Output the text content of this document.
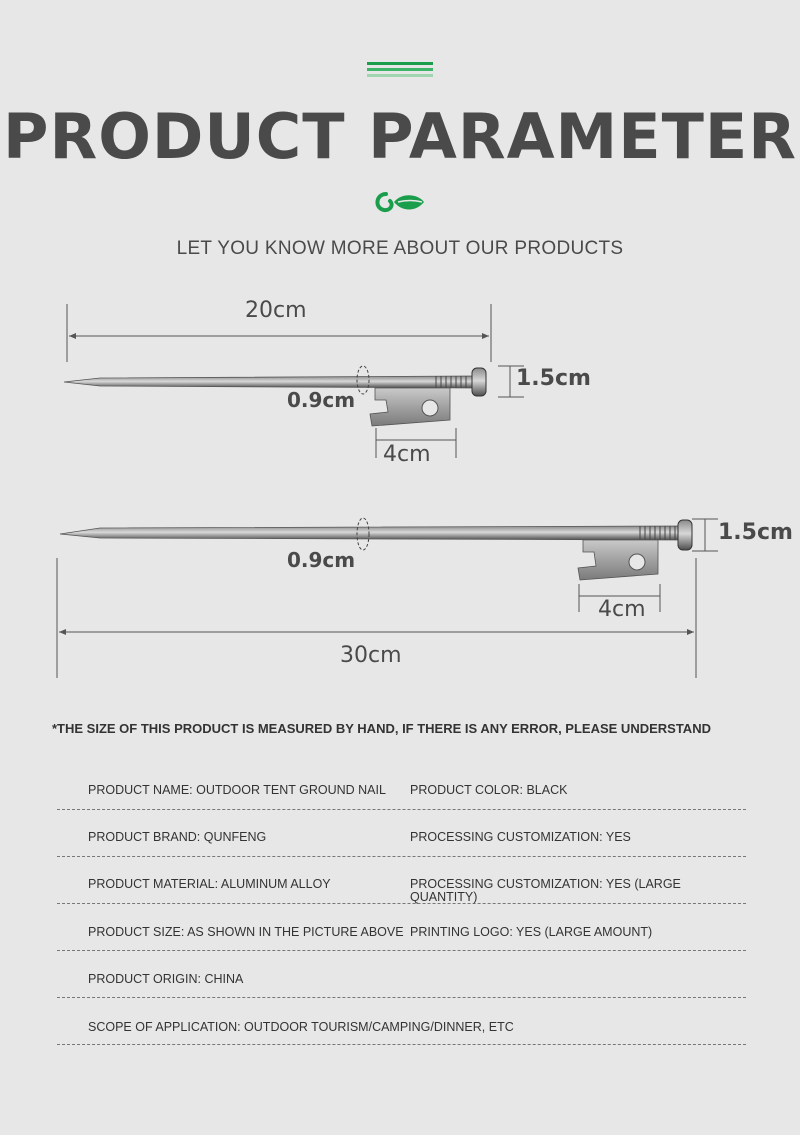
PRODUCT PARAMETER
LET YOU KNOW MORE ABOUT OUR PRODUCTS
20cm
1.5cm
0.9cm
4cm
1.5cm
0.9cm
4cm
30cm
*THE SIZE OF THIS PRODUCT IS MEASURED BY HAND, IF THERE IS ANY ERROR, PLEASE UNDERSTAND
PRODUCT NAME: OUTDOOR TENT GROUND NAIL PRODUCT COLOR: BLACK
PRODUCT BRAND: QUNFENG	PROCESSING CUSTOMIZATION: YES
PRODUCT MATERIAL: ALUMINUM ALLOY	PROCESSING CUSTOMIZATION: YES (LARGE QUANTITY)
PRODUCT SIZE: AS SHOWN IN THE PICTURE ABOVE PRINTING LOGO: YES (LARGE AMOUNT)
PRODUCT ORIGIN: CHINA
SCOPE OF APPLICATION: OUTDOOR TOURISM/CAMPING/DINNER, ETC
